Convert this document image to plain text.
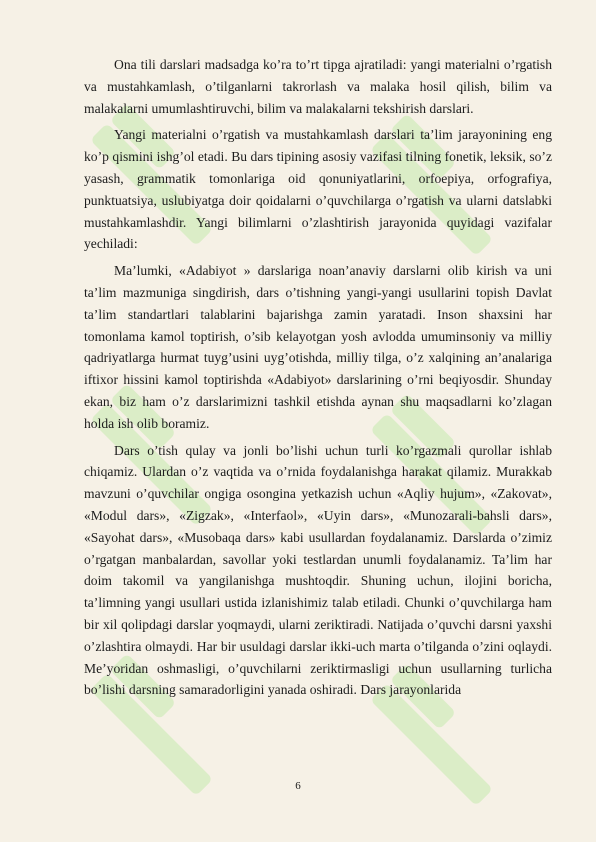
Ona tili darslari madsadga ko’ra to’rt tipga ajratiladi: yangi materialni o’rgatish va mustahkamlash, o’tilganlarni takrorlash va malaka hosil qilish, bilim va malakalarni umumlashtiruvchi, bilim va malakalarni tekshirish darslari.

Yangi materialni o’rgatish va mustahkamlash darslari ta’lim jarayonining eng ko’p qismini ishg’ol etadi. Bu dars tipining asosiy vazifasi tilning fonetik, leksik, so’z yasash, grammatik tomonlariga oid qonuniyatlarini, orfoepiya, orfografiya, punktuatsiya, uslubiyatga doir qoidalarni o’quvchilarga o’rgatish va ularni datslabki mustahkamlashdir. Yangi bilimlarni o’zlashtirish jarayonida quyidagi vazifalar yechiladi:

Ma’lumki, «Adabiyot » darslariga noan’anaviy darslarni olib kirish va uni ta’lim mazmuniga singdirish, dars o’tishning yangi-yangi usullarini topish Davlat ta’lim standartlari talablarini bajarishga zamin yaratadi. Inson shaxsini har tomonlama kamol toptirish, o’sib kelayotgan yosh avlodda umuminsoniy va milliy qadriyatlarga hurmat tuyg’usini uyg’otishda, milliy tilga, o’z xalqining an’analariga iftixor hissini kamol toptirishda «Adabiyot» darslarining o’rni beqiyosdir. Shunday ekan, biz ham o’z darslarimizni tashkil etishda aynan shu maqsadlarni ko’zlagan holda ish olib boramiz.

Dars o’tish qulay va jonli bo’lishi uchun turli ko’rgazmali qurollar ishlab chiqamiz. Ulardan o’z vaqtida va o’rnida foydalanishga harakat qilamiz. Murakkab mavzuni o’quvchilar ongiga osongina yetkazish uchun «Aqliy hujum», «Zakovat», «Modul dars», «Zigzak», «Interfaol», «Uyin dars», «Munozarali-bahsli dars», «Sayohat dars», «Musobaqa dars» kabi usullardan foydalanamiz. Darslarda o’zimiz o’rgatgan manbalardan, savollar yoki testlardan unumli foydalanamiz. Ta’lim har doim takomil va yangilanishga mushtoqdir. Shuning uchun, ilojini boricha, ta’limning yangi usullari ustida izlanishimiz talab etiladi. Chunki o’quvchilarga ham bir xil qolipdagi darslar yoqmaydi, ularni zeriktiradi. Natijada o’quvchi darsni yaxshi o’zlashtira olmaydi. Har bir usuldagi darslar ikki-uch marta o’tilganda o’zini oqlaydi. Me’yoridan oshmasligi, o’quvchilarni zeriktirmasligi uchun usullarning turlicha bo’lishi darsning samaradorligini yanada oshiradi. Dars jarayonlarida

6
